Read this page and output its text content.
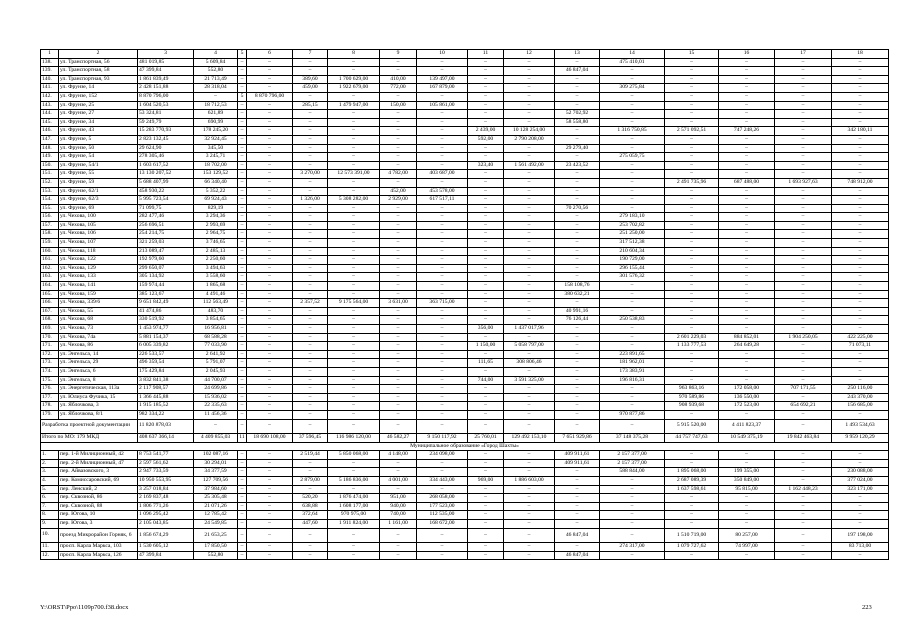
1	2	3	4	5	6	7	8	9	10	11	12	13	14	15	16	17	18	
138.	ул. Транспортная, 56	481 019,85	5 609,84	–	–	–	–	–	–	–	–	–	475 410,01	–	–	–	–	
139.	ул. Транспортная, 58	47 399,84	552,80	–	–	–	–	–	–	–	–	46 847,04	–	–	–	–	–	
140.	ул. Транспортная, 93	1 861 839,49	21 713,49	–	–	389,60	1 700 629,00	410,00	139 497,00	–	–	–	–	–	–	–	–	
141.	ул. Фрунзе, 14	2 428 151,88	28 318,04	–	–	459,00	1 922 679,00	772,00	167 879,00	–	–	–	309 275,84	–	–	–	–	
142.	ул. Фрунзе, 152	8 870 796,00	–	5	8 870 796,00	–	–	–	–	–	–	–	–	–	–	–	–	
143.	ул. Фрунзе, 25	1 604 520,53	18 712,53	–	–	285,15	1 479 947,00	150,00	105 861,00	–	–	–	–	–	–	–	–	
144.	ул. Фрунзе, 27	53 324,81	621,89	–	–	–	–	–	–	–	–	52 702,92	–	–	–	–	–	
145.	ул. Фрунзе, 34	59 249,79	690,99	–	–	–	–	–	–	–	–	58 558,80	–	–	–	–	–	
146.	ул. Фрунзе, 43	15 283 770,93	178 245,20	–	–	–	–	–	–	2 439,00	10 128 254,00	–	1 316 750,85	2 571 092,51	747 248,26	–	342 180,11	
147.	ул. Фрунзе, 5	2 823 132,45	32 924,45	–	–	–	–	–	–	592,00	2 790 208,00	–	–	–	–	–	–	
148.	ул. Фрунзе, 50	29 624,90	345,50	–	–	–	–	–	–	–	–	29 279,40	–	–	–	–	–	
149.	ул. Фрунзе, 54	278 305,46	3 245,71	–	–	–	–	–	–	–	–	–	275 059,75	–	–	–	–	
150.	ул. Фрунзе, 54/1	1 603 617,52	18 702,00	–	–	–	–	–	–	323,40	1 561 492,00	23 423,52	–	–	–	–	–	
151.	ул. Фрунзе, 55	13 130 207,52	153 129,52	–	–	3 270,00	12 573 391,00	4 782,00	403 687,00	–	–	–	–	–	–	–	–	
152.	ул. Фрунзе, 59	5 688 407,99	66 340,40	–	–	–	–	–	–	–	–	–	–	2 491 735,96	687 488,00	1 693 927,63	748 912,00	
153.	ул. Фрунзе, 62/1	458 930,22	5 352,22	–	–	–	–	452,00	453 578,00	–	–	–	–	–	–	–	–	
154.	ул. Фрунзе, 62/3	5 995 723,54	69 924,43	–	–	1 326,00	5 308 282,00	2 929,00	617 517,11	–	–	–	–	–	–	–	–	
155.	ул. Фрунзе, 69	71 099,75	829,19	–	–	–	–	–	–	–	–	70 270,56	–	–	–	–	–	
156.	ул. Чехова, 100	282 477,46	3 294,36	–	–	–	–	–	–	–	–	–	279 183,10	–	–	–	–	
157.	ул. Чехова, 105	256 696,51	2 993,69	–	–	–	–	–	–	–	–	–	253 702,82	–	–	–	–	
158.	ул. Чехова, 106	254 214,75	2 964,75	–	–	–	–	–	–	–	–	–	251 250,00	–	–	–	–	
159.	ул. Чехова, 107	321 259,03	3 746,65	–	–	–	–	–	–	–	–	–	317 512,38	–	–	–	–	
160.	ул. Чехова, 118	213 089,47	2 485,13	–	–	–	–	–	–	–	–	–	210 604,34	–	–	–	–	
161.	ул. Чехова, 122	192 979,60	2 250,60	–	–	–	–	–	–	–	–	–	190 729,00	–	–	–	–	
162.	ул. Чехова, 129	299 650,07	3 494,63	–	–	–	–	–	–	–	–	–	296 155,44	–	–	–	–	
163.	ул. Чехова, 133	305 134,92	3 558,60	–	–	–	–	–	–	–	–	–	301 576,32	–	–	–	–	
164.	ул. Чехова, 141	159 974,44	1 865,68	–	–	–	–	–	–	–	–	158 108,76	–	–	–	–	–	
165.	ул. Чехова, 159	385 123,67	4 491,46	–	–	–	–	–	–	–	–	380 632,21	–	–	–	–	–	
166.	ул. Чехова, 339/6	9 651 842,49	112 563,49	–	–	2 357,52	9 175 564,00	3 631,00	363 715,00	–	–	–	–	–	–	–	–	
167.	ул. Чехова, 55	41 474,86	483,70	–	–	–	–	–	–	–	–	40 991,16	–	–	–	–	–	
168.	ул. Чехова, 68	330 519,92	3 854,65	–	–	–	–	–	–	–	–	76 126,44	250 538,83	–	–	–	–	
169.	ул. Чехова, 73	1 453 974,77	16 956,81	–	–	–	–	–	–	356,00	1 437 017,96	–	–	–	–	–	–	
170.	ул. Чехова, 74а	5 881 154,37	68 588,28	–	–	–	–	–	–	–	–	–	–	2 601 229,03	884 852,01	1 904 250,05	422 225,00	
171.	ул. Чехова, 86	6 005 339,82	77 033,90	–	–	–	–	–	–	1 150,00	5 058 797,00	–	–	1 133 777,53	264 649,28	–	71 073,11	
172.	ул. Энгельса, 14	226 533,57	2 641,92	–	–	–	–	–	–	–	–	–	223 891,65	–	–	–	–	
173.	ул. Энгельса, 29	496 359,54	5 791,07	–	–	–	–	–	–	111,65	308 806,46	–	181 962,01	–	–	–	–	
174.	ул. Энгельса, 6	175 429,84	2 045,93	–	–	–	–	–	–	–	–	–	173 383,91	–	–	–	–	
175.	ул. Энгельса, 8	3 832 841,38	44 700,07	–	–	–	–	–	–	744,00	3 591 325,00	–	196 816,31	–	–	–	–	
176.	ул. Энергетическая, 113а	2 117 908,57	24 699,86	–	–	–	–	–	–	–	–	–	–	963 863,16	172 058,00	707 171,55	250 116,00	
177.	ул. Юлиуса Фучика, 15	1 366 445,88	15 936,02	–	–	–	–	–	–	–	–	–	–	970 589,86	136 550,00	–	243 370,00	
178.	ул. Яблочкова, 3	1 915 185,52	22 335,63	–	–	–	–	–	–	–	–	–	–	908 939,68	172 523,00	654 692,21	156 685,00	
179.	ул. Яблочкова, 8/1	982 334,22	11 456,36	–	–	–	–	–	–	–	–	–	970 877,86	–	–	–	–	
Разработка проектной документации		11 820 878,03	–	–	–	–	–	–	–	–	–	–	–	5 915 520,00	4 411 823,37	–	1 493 534,63	
Итого по МО: 179 МКД		408 637 366,14	4 409 855,03	11	18 690 108,00	37 596,45	116 986 120,00	46 582,27	9 150 117,92	25 760,01	129 492 153,10	7 651 929,86	37 148 375,28	44 757 747,63	10 549 375,19	19 842 463,84	9 959 120,29	
Муниципальное образование «Город Шахты»																		
1.	пер. 1-й Милиционный, 42	8 753 541,77	102 087,16	–	–	2 519,44	5 850 068,00	4 148,00	234 098,00	–	–	409 911,61	2 157 377,00	–	–	–	–	
2.	пер. 2-й Милиционный, 47	2 597 561,62	30 294,01	–	–	–	–	–	–	–	–	409 911,61	2 157 377,00	–	–	–	–	
3.	пер. Айвазовского, 3	2 947 733,59	34 377,59	–	–	–	–	–	–	–	–	–	588 844,00	1 895 068,00	199 355,00	–	230 088,00	
4.	пер. Комиссаровский, 69	10 950 553,95	127 709,56	–	–	2 879,00	5 186 836,00	4 001,00	334 443,00	969,00	1 886 603,00	–	–	2 687 089,39	350 849,00	–	377 024,00	
5.	пер. Ленский, 2	3 257 018,84	37 984,60	–	–	–	–	–	–	–	–	–	–	1 637 598,61	95 815,00	1 162 448,23	323 171,00	
6.	пер. Сквозной, 86	2 169 837,48	25 305,48	–	–	520,20	1 876 474,00	951,00	268 058,00	–	–	–	–	–	–	–	–	
7.	пер. Сквозной, 88	1 806 771,26	21 071,26	–	–	638,88	1 608 177,00	940,00	177 523,00	–	–	–	–	–	–	–	–	
8.	пер. Югова, 10	1 096 295,42	12 785,42	–	–	372,64	970 975,00	740,00	112 535,00	–	–	–	–	–	–	–	–	
9.	пер. Югова, 3	2 105 043,85	24 549,85	–	–	447,60	1 911 824,00	1 161,00	168 672,00	–	–	–	–	–	–	–	–	
10.	проезд Микрорайон Горняк, 6	1 856 674,29	21 653,25	–	–	–	–	–	–	–	–	46 847,04	–	1 510 719,00	80 257,00	–	197 198,00	
11.	просп. Карла Маркса, 103	1 530 605,12	17 850,50	–	–	–	–	–	–	–	–	–	274 317,00	1 079 727,62	74 997,00	–	83 713,00	
12.	просп. Карла Маркса, 126	47 399,84	552,80	–	–	–	–	–	–	–	–	46 847,04	–	–	–	–	–	
Y:\ORST\Ppo\1109p700.f38.docx	223
